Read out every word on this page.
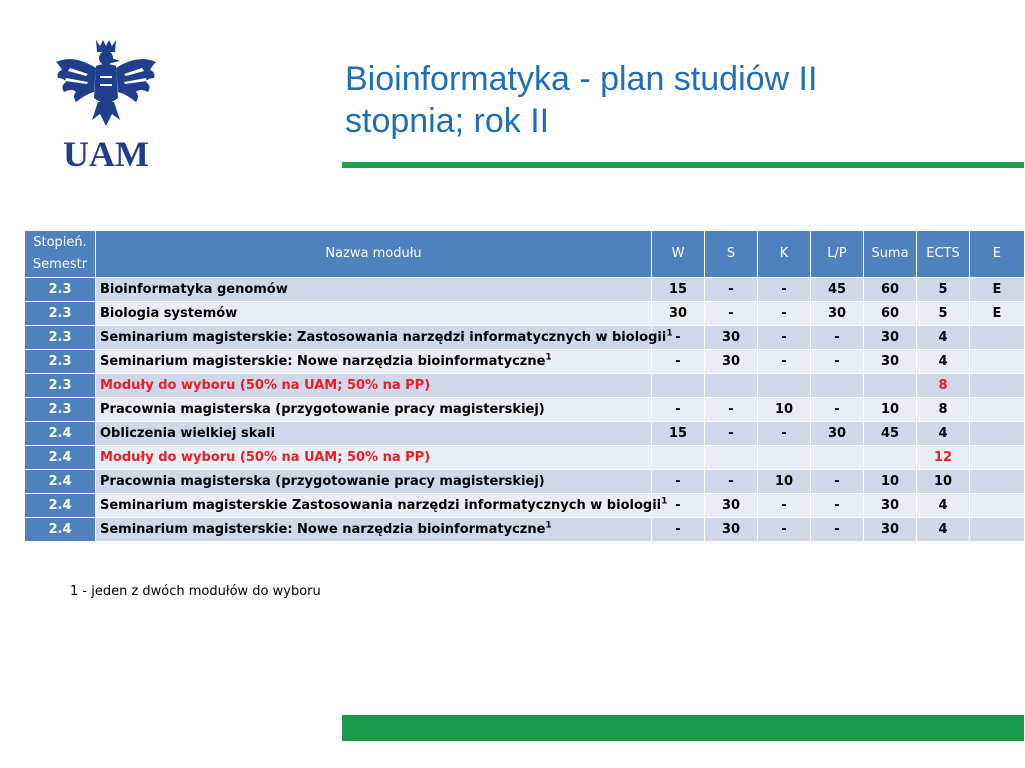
UAM
Bioinformatyka - plan studiów II
stopnia; rok II
Stopień.
Semestr	Nazwa modułu	W	S	K	L/P	Suma	ECTS	E
2.3	Bioinformatyka genomów	15	-	-	45	60	5	E
2.3	Biologia systemów	30	-	-	30	60	5	E
2.3	Seminarium magisterskie: Zastosowania narzędzi informatycznych w biologii$^1$	-	30	-	-	30	4	
2.3	Seminarium magisterskie: Nowe narzędzia bioinformatyczne$^1$	-	30	-	-	30	4	
2.3	Moduły do wyboru (50% na UAM; 50% na PP)						8	
2.3	Pracownia magisterska (przygotowanie pracy magisterskiej)	-	-	10	-	10	8	
2.4	Obliczenia wielkiej skali	15	-	-	30	45	4	
2.4	Moduły do wyboru (50% na UAM; 50% na PP)						12	
2.4	Pracownia magisterska (przygotowanie pracy magisterskiej)	-	-	10	-	10	10	
2.4	Seminarium magisterskie Zastosowania narzędzi informatycznych w biologii$^1$	-	30	-	-	30	4	
2.4	Seminarium magisterskie: Nowe narzędzia bioinformatyczne$^1$	-	30	-	-	30	4	
1 - jeden z dwóch modułów do wyboru
